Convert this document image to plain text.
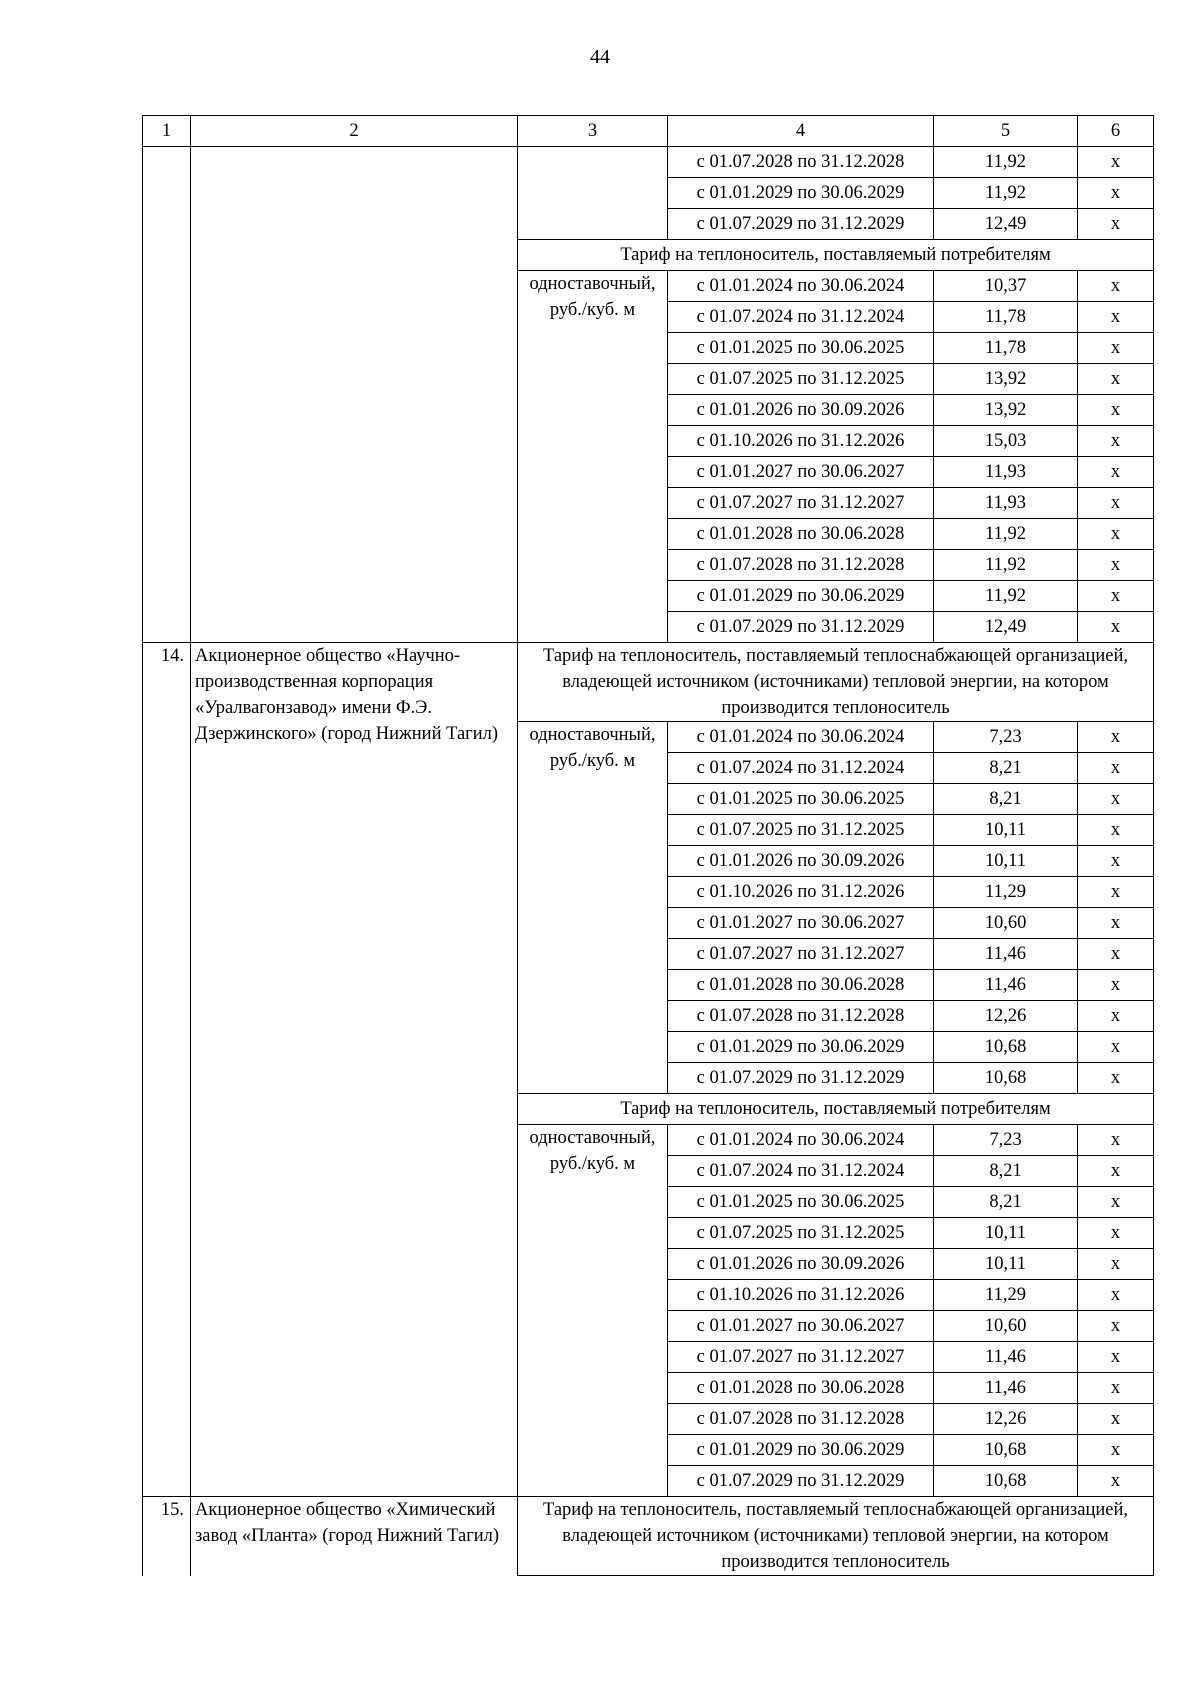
44
1	2	3	4	5	6
			с 01.07.2028 по 31.12.2028	11,92	x
			с 01.01.2029 по 30.06.2029	11,92	x
			с 01.07.2029 по 31.12.2029	12,49	x
		Тариф на теплоноситель, поставляемый потребителям			
		одноставочный, руб./куб. м	с 01.01.2024 по 30.06.2024	10,37	x
			с 01.07.2024 по 31.12.2024	11,78	x
			с 01.01.2025 по 30.06.2025	11,78	x
			с 01.07.2025 по 31.12.2025	13,92	x
			с 01.01.2026 по 30.09.2026	13,92	x
			с 01.10.2026 по 31.12.2026	15,03	x
			с 01.01.2027 по 30.06.2027	11,93	x
			с 01.07.2027 по 31.12.2027	11,93	x
			с 01.01.2028 по 30.06.2028	11,92	x
			с 01.07.2028 по 31.12.2028	11,92	x
			с 01.01.2029 по 30.06.2029	11,92	x
			с 01.07.2029 по 31.12.2029	12,49	x
14.	Акционерное общество «Научно-производственная корпорация «Уралвагонзавод» имени Ф.Э. Дзержинского» (город Нижний Тагил)	Тариф на теплоноситель, поставляемый теплоснабжающей организацией, владеющей источником (источниками) тепловой энергии, на котором производится теплоноситель			
		одноставочный, руб./куб. м	с 01.01.2024 по 30.06.2024	7,23	x
			с 01.07.2024 по 31.12.2024	8,21	x
			с 01.01.2025 по 30.06.2025	8,21	x
			с 01.07.2025 по 31.12.2025	10,11	x
			с 01.01.2026 по 30.09.2026	10,11	x
			с 01.10.2026 по 31.12.2026	11,29	x
			с 01.01.2027 по 30.06.2027	10,60	x
			с 01.07.2027 по 31.12.2027	11,46	x
			с 01.01.2028 по 30.06.2028	11,46	x
			с 01.07.2028 по 31.12.2028	12,26	x
			с 01.01.2029 по 30.06.2029	10,68	x
			с 01.07.2029 по 31.12.2029	10,68	x
		Тариф на теплоноситель, поставляемый потребителям			
		одноставочный, руб./куб. м	с 01.01.2024 по 30.06.2024	7,23	x
			с 01.07.2024 по 31.12.2024	8,21	x
			с 01.01.2025 по 30.06.2025	8,21	x
			с 01.07.2025 по 31.12.2025	10,11	x
			с 01.01.2026 по 30.09.2026	10,11	x
			с 01.10.2026 по 31.12.2026	11,29	x
			с 01.01.2027 по 30.06.2027	10,60	x
			с 01.07.2027 по 31.12.2027	11,46	x
			с 01.01.2028 по 30.06.2028	11,46	x
			с 01.07.2028 по 31.12.2028	12,26	x
			с 01.01.2029 по 30.06.2029	10,68	x
			с 01.07.2029 по 31.12.2029	10,68	x
15.	Акционерное общество «Химический завод «Планта» (город Нижний Тагил)	Тариф на теплоноситель, поставляемый теплоснабжающей организацией, владеющей источником (источниками) тепловой энергии, на котором производится теплоноситель			
